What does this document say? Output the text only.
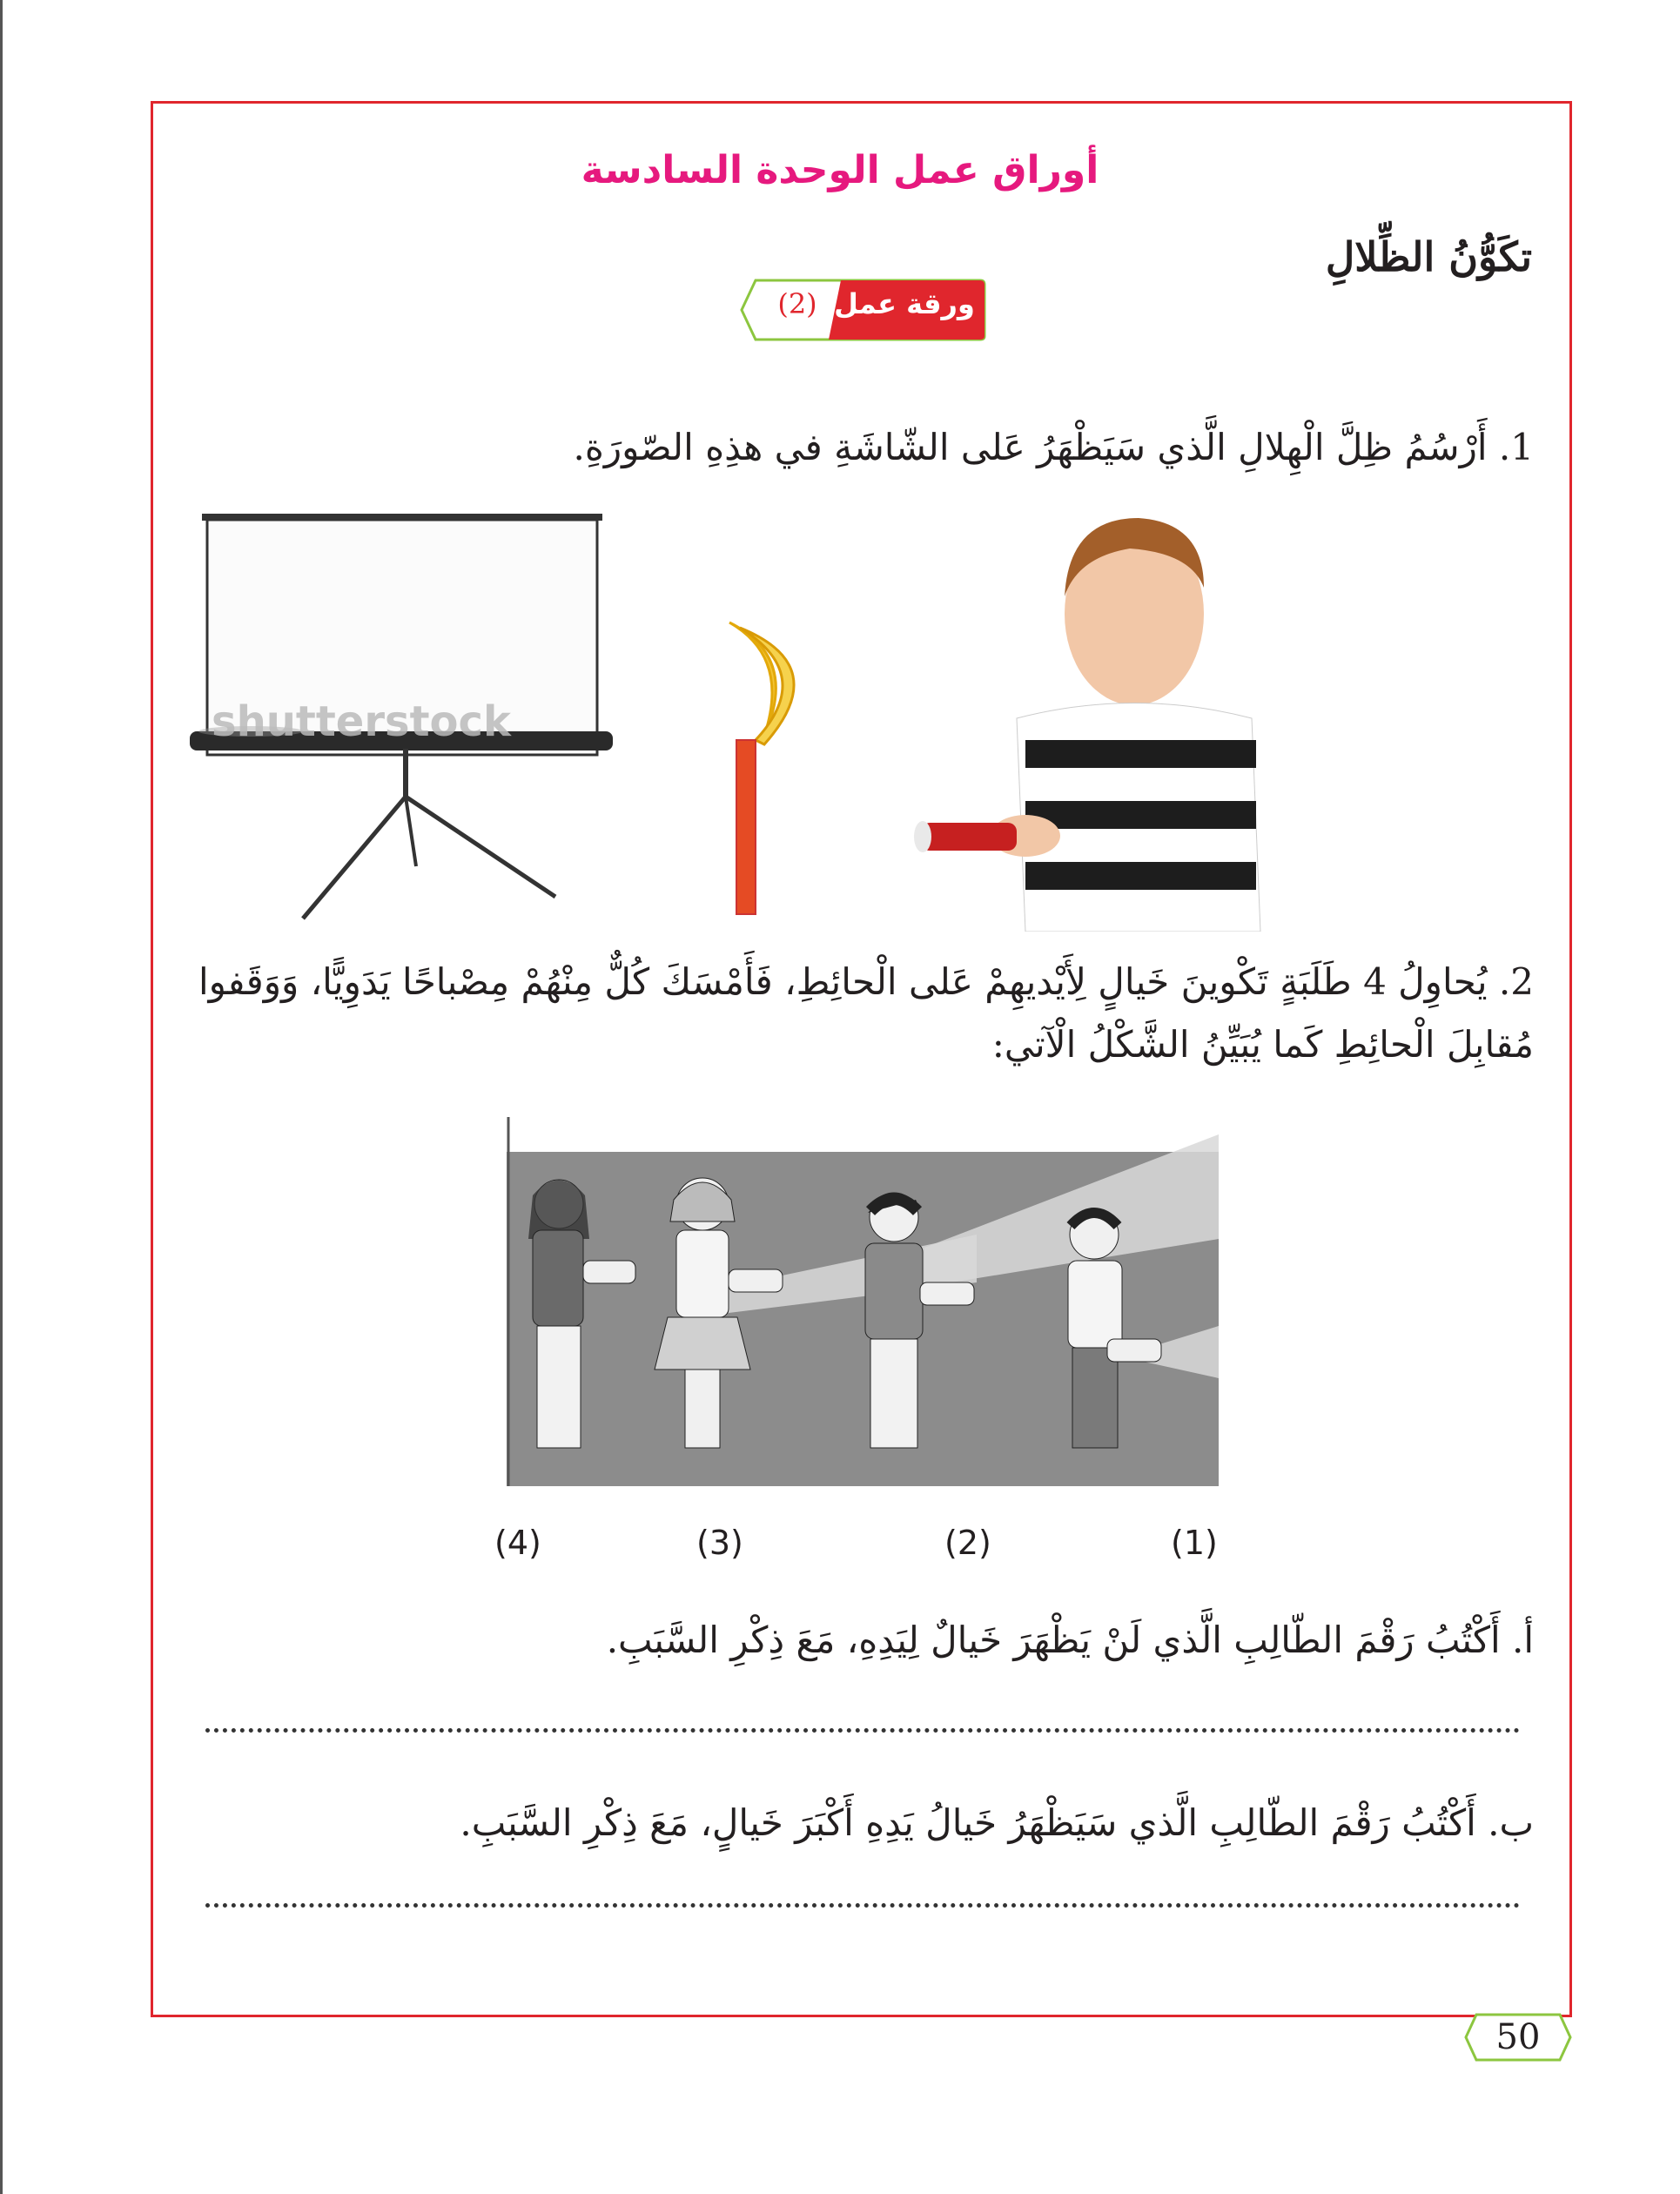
أوراق عمل الوحدة السادسة
تكَوُّنُ الظِّلالِ
ورقة عمل
(2)
1. أَرْسُمُ ظِلَّ الْهِلالِ الَّذي سَيَظْهَرُ عَلى الشّاشَةِ في هذِهِ الصّورَةِ.
shutterstock
2. يُحاوِلُ 4 طَلَبَةٍ تَكْوينَ خَيالٍ لِأَيْديهِمْ عَلى الْحائِطِ، فَأَمْسَكَ كُلٌّ مِنْهُمْ مِصْباحًا يَدَوِيًّا، وَوَقَفوا مُقابِلَ الْحائِطِ كَما يُبَيِّنُ الشَّكْلُ الْآتي:
(4)	(3)	(2)	(1)
أ. أَكْتُبُ رَقْمَ الطّالِبِ الَّذي لَنْ يَظْهَرَ خَيالٌ لِيَدِهِ، مَعَ ذِكْرِ السَّبَبِ.
ب. أَكْتُبُ رَقْمَ الطّالِبِ الَّذي سَيَظْهَرُ خَيالُ يَدِهِ أَكْبَرَ خَيالٍ، مَعَ ذِكْرِ السَّبَبِ.
50
